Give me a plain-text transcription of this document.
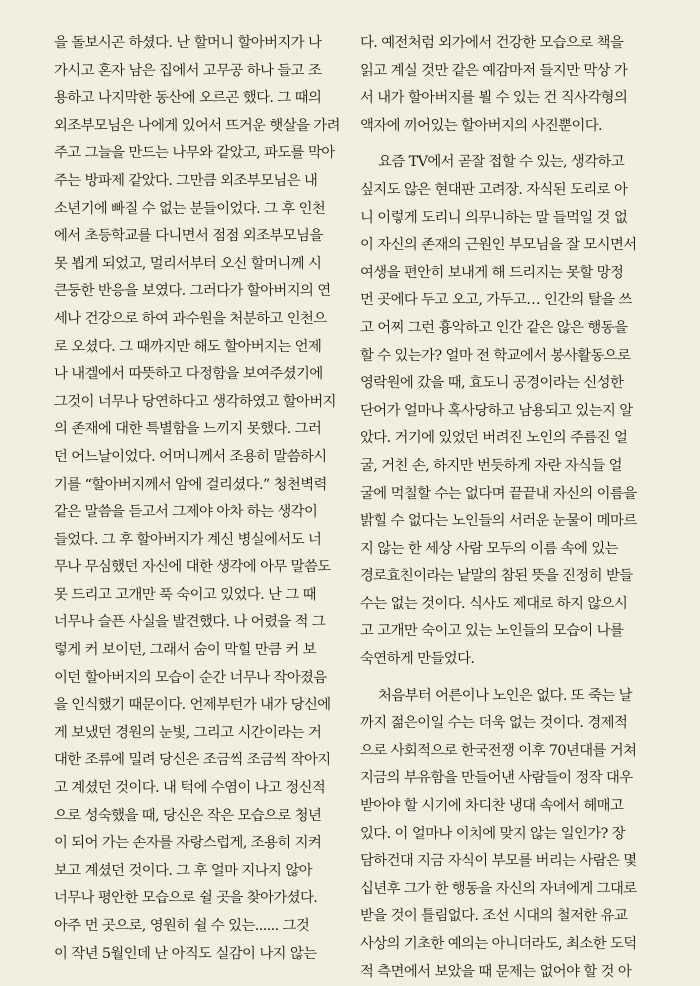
을 돌보시곤 하셨다. 난 할머니 할아버지가 나
가시고 혼자 남은 집에서 고무공 하나 들고 조
용하고 나지막한 동산에 오르곤 했다. 그 때의
외조부모님은 나에게 있어서 뜨거운 햇살을 가려
주고 그늘을 만드는 나무와 같았고, 파도를 막아
주는 방파제 같았다. 그만큼 외조부모님은 내
소년기에 빠질 수 없는 분들이었다. 그 후 인천
에서 초등학교를 다니면서 점점 외조부모님을
못 뵙게 되었고, 멀리서부터 오신 할머니께 시
큰둥한 반응을 보였다. 그러다가 할아버지의 연
세나 건강으로 하여 과수원을 처분하고 인천으
로 오셨다. 그 때까지만 해도 할아버지는 언제
나 내겔에서 따뜻하고 다정함을 보여주셨기에
그것이 너무나 당연하다고 생각하였고 할아버지
의 존재에 대한 특별함을 느끼지 못했다. 그러
던 어느날이었다. 어머니께서 조용히 말씀하시
기를 “할아버지께서 암에 걸리셨다.” 청천벽력
같은 말씀을 듣고서 그제야 아차 하는 생각이
들었다. 그 후 할아버지가 계신 병실에서도 너
무나 무심했던 자신에 대한 생각에 아무 말씀도
못 드리고 고개만 푹 숙이고 있었다. 난 그 때
너무나 슬픈 사실을 발견했다. 나 어렸을 적 그
렇게 커 보이던, 그래서 숨이 막힐 만큼 커 보
이던 할아버지의 모습이 순간 너무나 작아졌음
을 인식했기 때문이다. 언제부턴가 내가 당신에
게 보냈던 경원의 눈빛, 그리고 시간이라는 거
대한 조류에 밀려 당신은 조금씩 조금씩 작아지
고 계셨던 것이다. 내 턱에 수염이 나고 정신적
으로 성숙했을 때, 당신은 작은 모습으로 청년
이 되어 가는 손자를 자랑스럽게, 조용히 지켜
보고 계셨던 것이다. 그 후 얼마 지나지 않아
너무나 평안한 모습으로 쉴 곳을 찾아가셨다.
아주 먼 곳으로, 영원히 쉴 수 있는...... 그것
이 작년 5월인데 난 아직도 실감이 나지 않는
다. 예전처럼 외가에서 건강한 모습으로 책을
읽고 계실 것만 같은 예감마저 들지만 막상 가
서 내가 할아버지를 뵐 수 있는 건 직사각형의
액자에 끼어있는 할아버지의 사진뿐이다.
요즘 TV에서 곧잘 접할 수 있는, 생각하고
싶지도 않은 현대판 고려장. 자식된 도리로 아
니 이렇게 도리니 의무니하는 말 들먹일 것 없
이 자신의 존재의 근원인 부모님을 잘 모시면서
여생을 편안히 보내게 해 드리지는 못할 망정
먼 곳에다 두고 오고, 가두고… 인간의 탈을 쓰
고 어찌 그런 흉악하고 인간 같은 않은 행동을
할 수 있는가? 얼마 전 학교에서 봉사활동으로
영락원에 갔을 때, 효도니 공경이라는 신성한
단어가 얼마나 혹사당하고 남용되고 있는지 알
았다. 거기에 있었던 버려진 노인의 주름진 얼
굴, 거친 손, 하지만 번듯하게 자란 자식들 얼
굴에 먹칠할 수는 없다며 끝끝내 자신의 이름을
밝힐 수 없다는 노인들의 서러운 눈물이 메마르
지 않는 한 세상 사람 모두의 이름 속에 있는
경로효친이라는 낱말의 참된 뜻을 진정히 받들
수는 없는 것이다. 식사도 제대로 하지 않으시
고 고개만 숙이고 있는 노인들의 모습이 나를
숙연하게 만들었다.
처음부터 어른이나 노인은 없다. 또 죽는 날
까지 젊은이일 수는 더욱 없는 것이다. 경제적
으로 사회적으로 한국전쟁 이후 70년대를 거쳐
지금의 부유함을 만들어낸 사람들이 정작 대우
받아야 할 시기에 차디찬 냉대 속에서 헤매고
있다. 이 얼마나 이치에 맞지 않는 일인가? 장
담하건대 지금 자식이 부모를 버리는 사람은 몇
십년후 그가 한 행동을 자신의 자녀에게 그대로
받을 것이 틀림없다. 조선 시대의 철저한 유교
사상의 기초한 예의는 아니더라도, 최소한 도덕
적 측면에서 보았을 때 문제는 없어야 할 것 아
